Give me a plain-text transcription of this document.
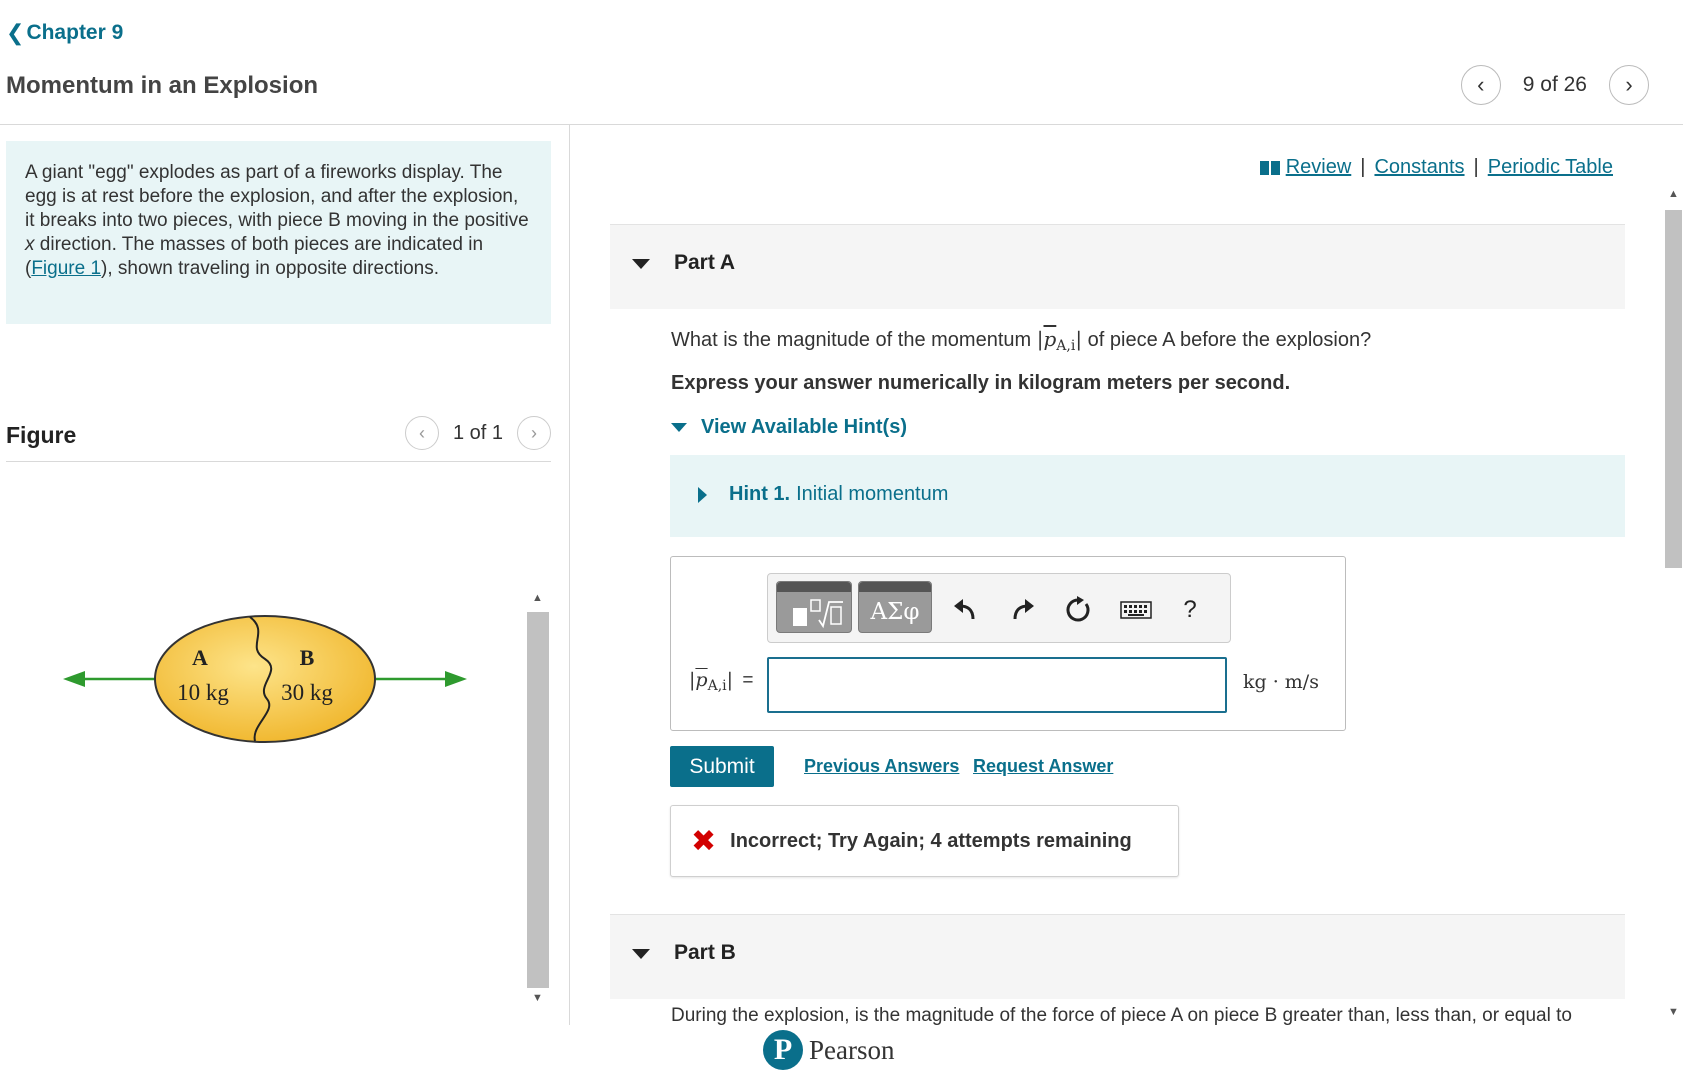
❮ Chapter 9
Momentum in an Explosion	‹ 9 of 26 ›
A giant "egg" explodes as part of a fireworks display. The egg is at rest before the explosion, and after the explosion, it breaks into two pieces, with piece B moving in the positive x direction. The masses of both pieces are indicated in (Figure 1), shown traveling in opposite directions.
Figure	‹ 1 of 1 ›
A	B
10 kg 30 kg
▲
▼
Review | Constants | Periodic Table
Part A
What is the magnitude of the momentum $|\overline{p}_{A,i}|$ of piece A before the explosion?
Express your answer numerically in kilogram meters per second.
View Available Hint(s)
Hint 1. Initial momentum
ΑΣφ	?
$|\overline{p}_{A,i}|$ =	kg · m/s
Submit	Previous Answers Request Answer
✖ Incorrect; Try Again; 4 attempts remaining
Part B
During the explosion, is the magnitude of the force of piece A on piece B greater than, less than, or equal to
P Pearson
▲
▼
